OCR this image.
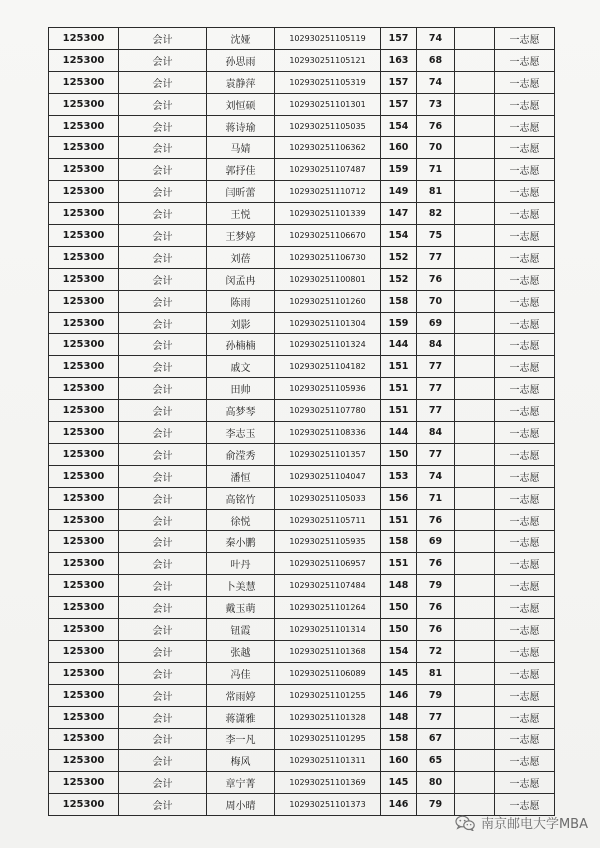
125300	会计	沈娅	102930251105119	157	74		一志愿
125300	会计	孙思雨	102930251105121	163	68		一志愿
125300	会计	袁静萍	102930251105319	157	74		一志愿
125300	会计	刘恒硕	102930251101301	157	73		一志愿
125300	会计	蒋诗瑜	102930251105035	154	76		一志愿
125300	会计	马婧	102930251106362	160	70		一志愿
125300	会计	郭抒佳	102930251107487	159	71		一志愿
125300	会计	闫昕蕾	102930251110712	149	81		一志愿
125300	会计	王悦	102930251101339	147	82		一志愿
125300	会计	王梦婷	102930251106670	154	75		一志愿
125300	会计	刘蓓	102930251106730	152	77		一志愿
125300	会计	闵孟冉	102930251100801	152	76		一志愿
125300	会计	陈雨	102930251101260	158	70		一志愿
125300	会计	刘影	102930251101304	159	69		一志愿
125300	会计	孙楠楠	102930251101324	144	84		一志愿
125300	会计	戚文	102930251104182	151	77		一志愿
125300	会计	田帅	102930251105936	151	77		一志愿
125300	会计	高梦琴	102930251107780	151	77		一志愿
125300	会计	李志玉	102930251108336	144	84		一志愿
125300	会计	俞滢秀	102930251101357	150	77		一志愿
125300	会计	潘恒	102930251104047	153	74		一志愿
125300	会计	高铭竹	102930251105033	156	71		一志愿
125300	会计	徐悦	102930251105711	151	76		一志愿
125300	会计	秦小鹏	102930251105935	158	69		一志愿
125300	会计	叶丹	102930251106957	151	76		一志愿
125300	会计	卜美慧	102930251107484	148	79		一志愿
125300	会计	戴玉萌	102930251101264	150	76		一志愿
125300	会计	钮霞	102930251101314	150	76		一志愿
125300	会计	张越	102930251101368	154	72		一志愿
125300	会计	冯佳	102930251106089	145	81		一志愿
125300	会计	常雨婷	102930251101255	146	79		一志愿
125300	会计	蒋潇雅	102930251101328	148	77		一志愿
125300	会计	李一凡	102930251101295	158	67		一志愿
125300	会计	梅风	102930251101311	160	65		一志愿
125300	会计	章宁菁	102930251101369	145	80		一志愿
125300	会计	周小晴	102930251101373	146	79		一志愿
南京邮电大学MBA
